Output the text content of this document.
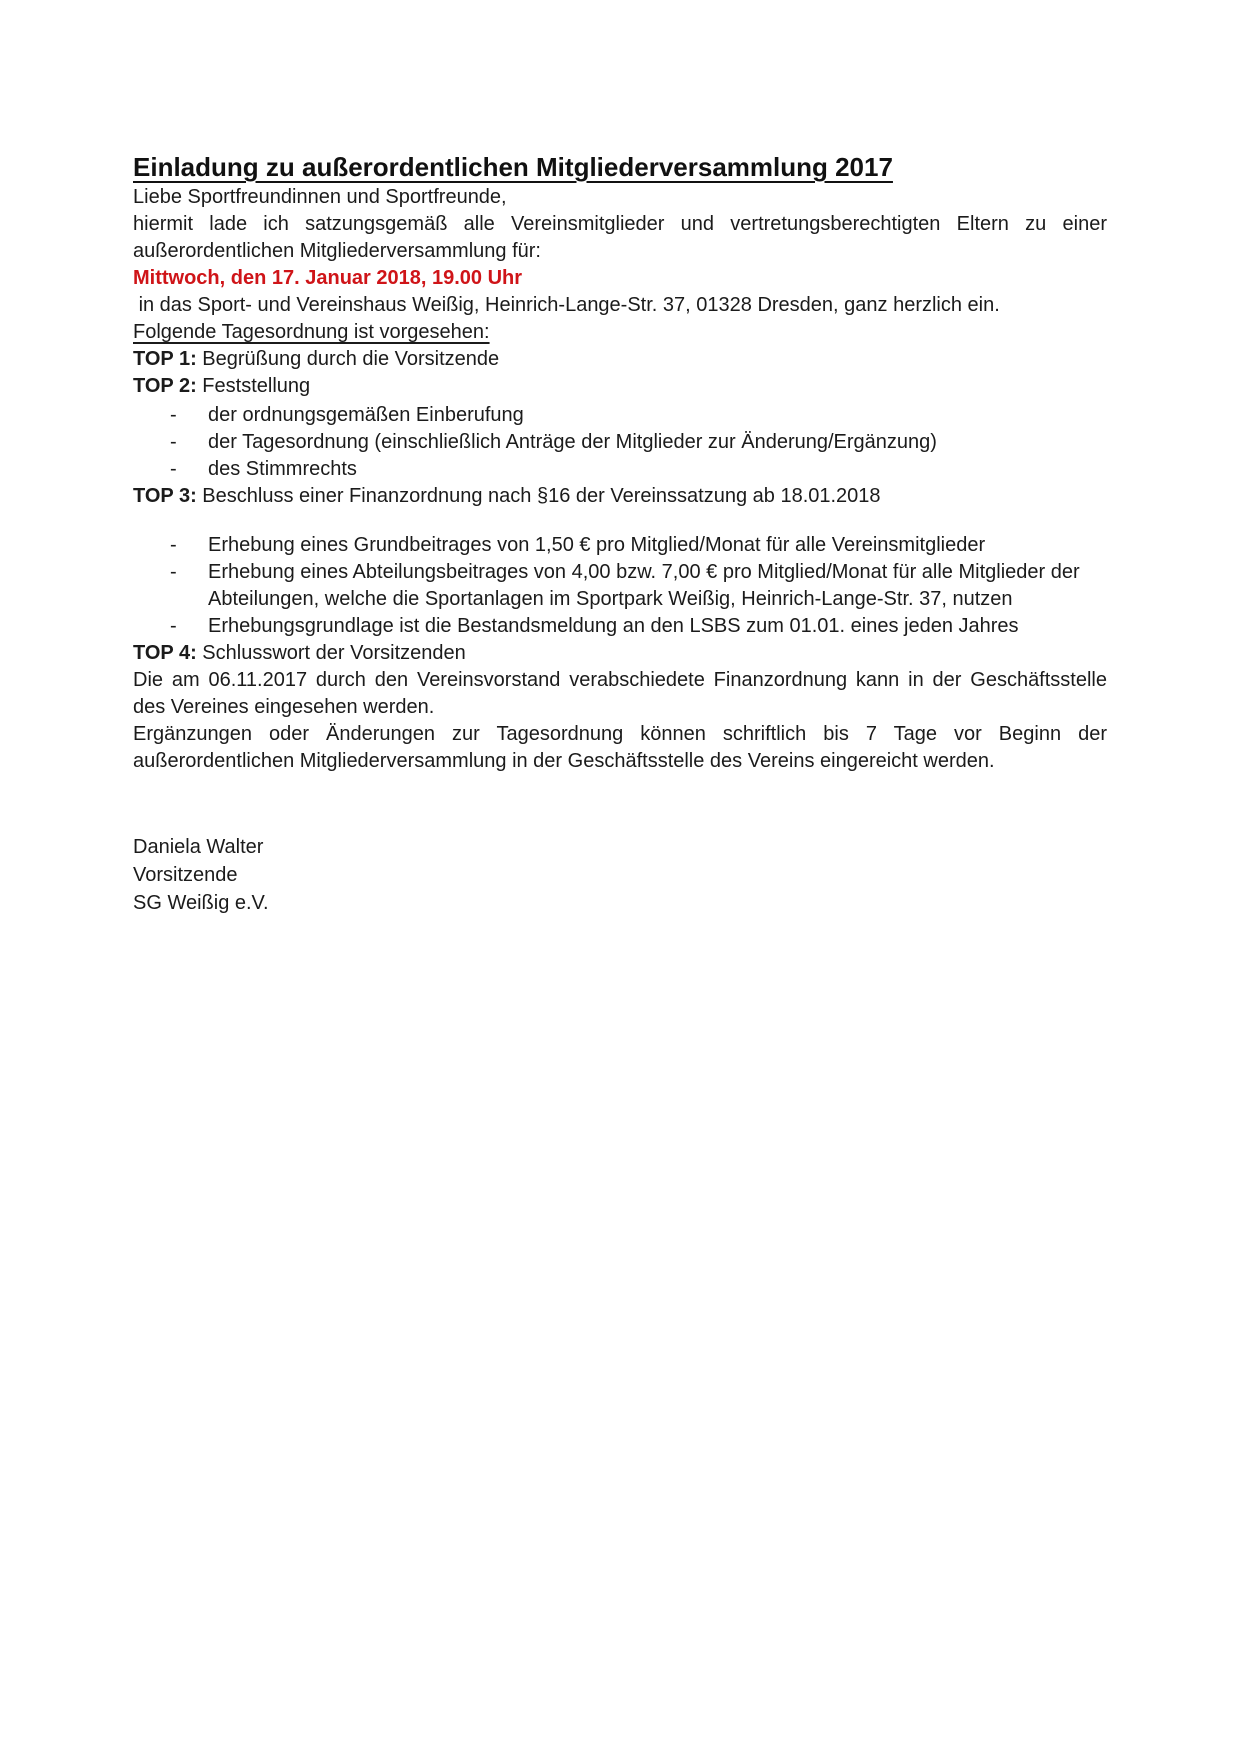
Einladung zu außerordentlichen Mitgliederversammlung 2017

Liebe Sportfreundinnen und Sportfreunde,

hiermit lade ich satzungsgemäß alle Vereinsmitglieder und vertretungsberechtigten Eltern zu einer außerordentlichen Mitgliederversammlung für:

Mittwoch, den 17. Januar 2018, 19.00 Uhr

in das Sport- und Vereinshaus Weißig, Heinrich-Lange-Str. 37, 01328 Dresden, ganz herzlich ein.

Folgende Tagesordnung ist vorgesehen:

TOP 1: Begrüßung durch die Vorsitzende

TOP 2: Feststellung

- der ordnungsgemäßen Einberufung
- der Tagesordnung (einschließlich Anträge der Mitglieder zur Änderung/Ergänzung)
- des Stimmrechts

TOP 3: Beschluss einer Finanzordnung nach §16 der Vereinssatzung ab 18.01.2018

- Erhebung eines Grundbeitrages von 1,50 € pro Mitglied/Monat für alle Vereinsmitglieder
- Erhebung eines Abteilungsbeitrages von 4,00 bzw. 7,00 € pro Mitglied/Monat für alle Mitglieder der Abteilungen, welche die Sportanlagen im Sportpark Weißig, Heinrich-Lange-Str. 37, nutzen
- Erhebungsgrundlage ist die Bestandsmeldung an den LSBS zum 01.01. eines jeden Jahres

TOP 4: Schlusswort der Vorsitzenden

Die am 06.11.2017 durch den Vereinsvorstand verabschiedete Finanzordnung kann in der Geschäftsstelle des Vereines eingesehen werden.

Ergänzungen oder Änderungen zur Tagesordnung können schriftlich bis 7 Tage vor Beginn der außerordentlichen Mitgliederversammlung in der Geschäftsstelle des Vereins eingereicht werden.

Daniela Walter
Vorsitzende
SG Weißig e.V.
